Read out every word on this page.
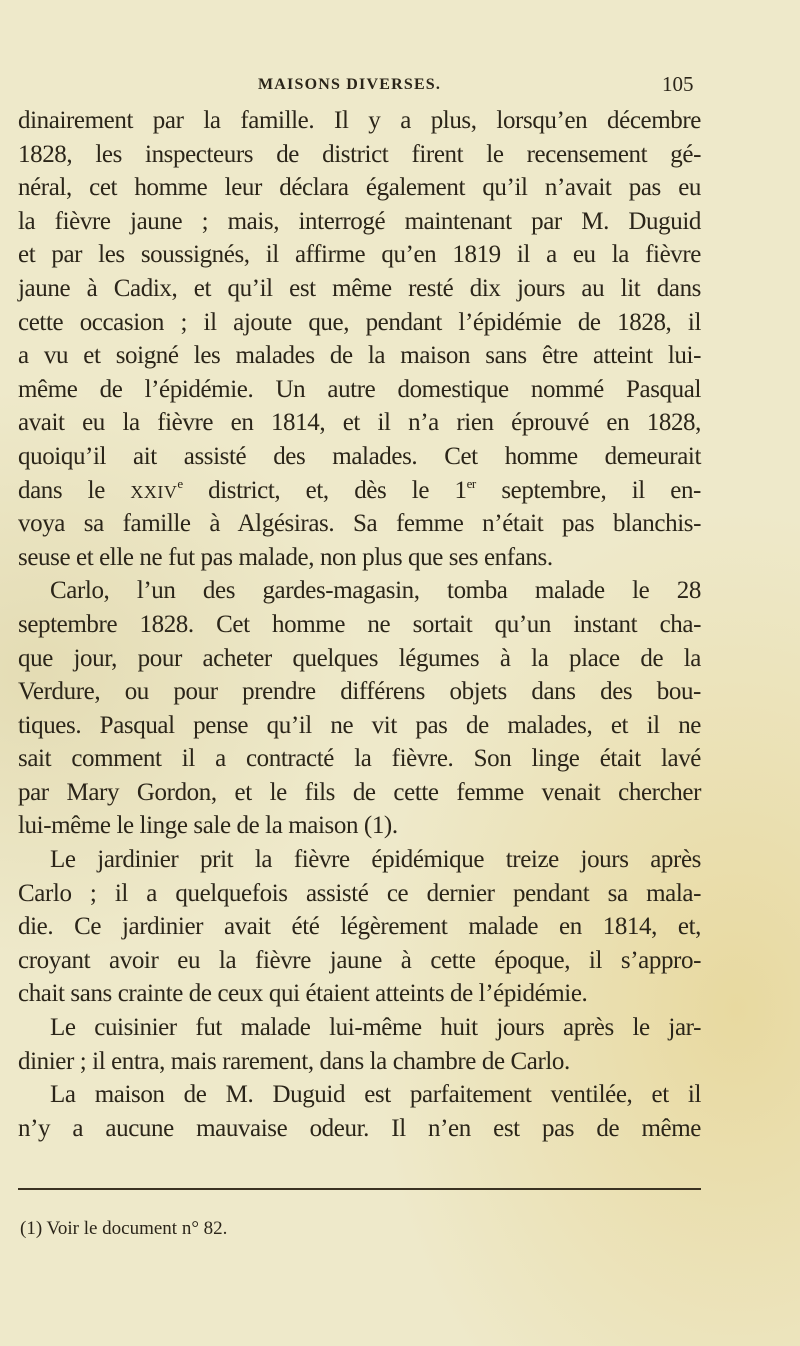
MAISONS DIVERSES.	105
dinairement par la famille. Il y a plus, lorsqu’en décembre
1828, les inspecteurs de district firent le recensement gé-
néral, cet homme leur déclara également qu’il n’avait pas eu
la fièvre jaune ; mais, interrogé maintenant par M. Duguid
et par les soussignés, il affirme qu’en 1819 il a eu la fièvre
jaune à Cadix, et qu’il est même resté dix jours au lit dans
cette occasion ; il ajoute que, pendant l’épidémie de 1828, il
a vu et soigné les malades de la maison sans être atteint lui-
même de l’épidémie. Un autre domestique nommé Pasqual
avait eu la fièvre en 1814, et il n’a rien éprouvé en 1828,
quoiqu’il ait assisté des malades. Cet homme demeurait
dans le XXIVe district, et, dès le 1er septembre, il en-
voya sa famille à Algésiras. Sa femme n’était pas blanchis-
seuse et elle ne fut pas malade, non plus que ses enfans.
Carlo, l’un des gardes-magasin, tomba malade le 28
septembre 1828. Cet homme ne sortait qu’un instant cha-
que jour, pour acheter quelques légumes à la place de la
Verdure, ou pour prendre différens objets dans des bou-
tiques. Pasqual pense qu’il ne vit pas de malades, et il ne
sait comment il a contracté la fièvre. Son linge était lavé
par Mary Gordon, et le fils de cette femme venait chercher
lui-même le linge sale de la maison (1).
Le jardinier prit la fièvre épidémique treize jours après
Carlo ; il a quelquefois assisté ce dernier pendant sa mala-
die. Ce jardinier avait été légèrement malade en 1814, et,
croyant avoir eu la fièvre jaune à cette époque, il s’appro-
chait sans crainte de ceux qui étaient atteints de l’épidémie.
Le cuisinier fut malade lui-même huit jours après le jar-
dinier ; il entra, mais rarement, dans la chambre de Carlo.
La maison de M. Duguid est parfaitement ventilée, et il
n’y a aucune mauvaise odeur. Il n’en est pas de même
(1) Voir le document n° 82.
